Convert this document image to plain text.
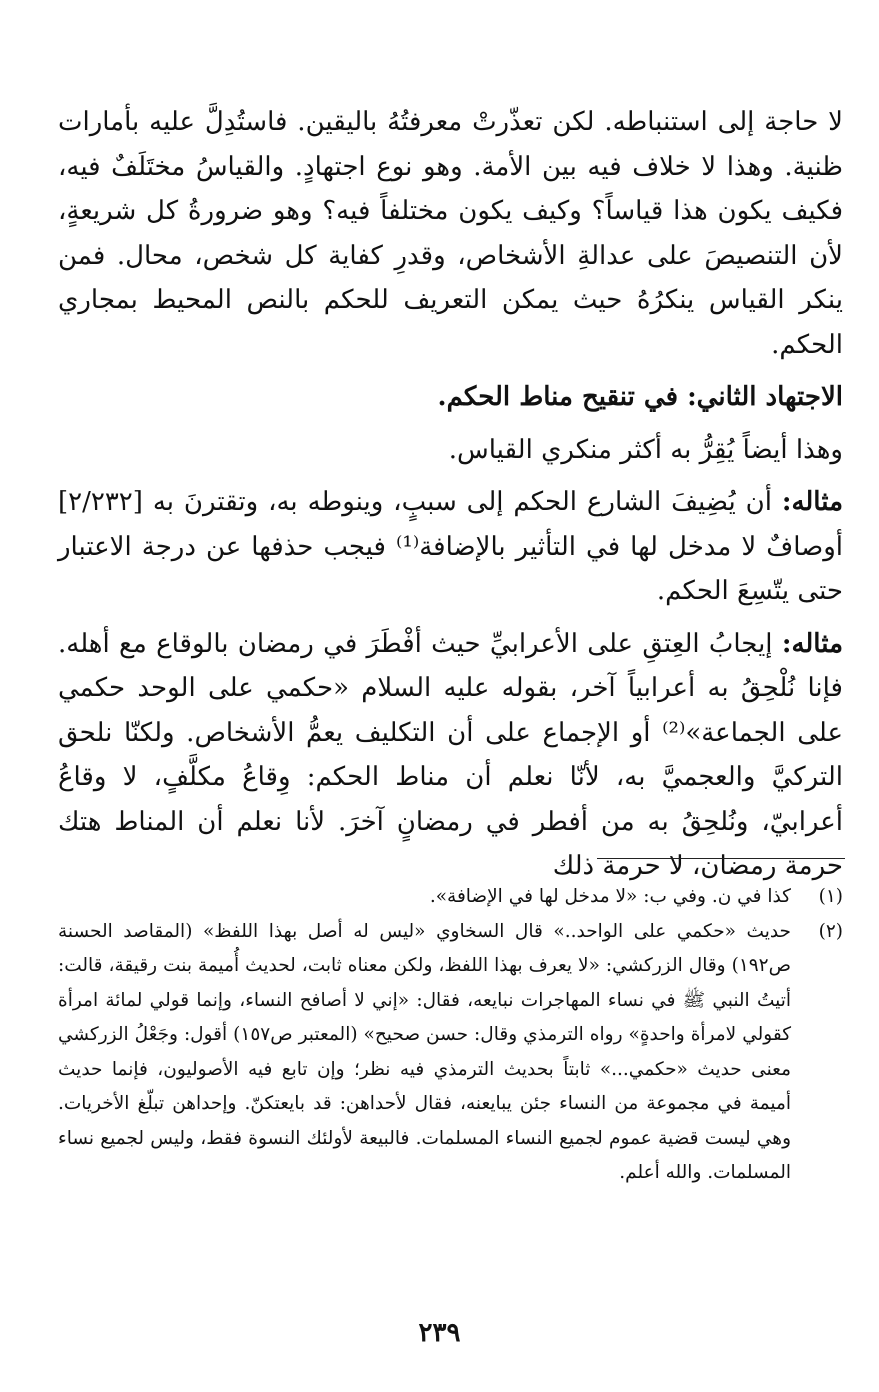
لا حاجة إلى استنباطه. لكن تعذّرتْ معرفتُهُ باليقين. فاستُدِلَّ عليه بأمارات ظنية. وهذا لا خلاف فيه بين الأمة. وهو نوع اجتهادٍ. والقياسُ مختَلَفٌ فيه، فكيف يكون هذا قياساً؟ وكيف يكون مختلفاً فيه؟ وهو ضرورةُ كل شريعةٍ، لأن التنصيصَ على عدالةِ الأشخاص، وقدرِ كفاية كل شخص، محال. فمن ينكر القياس ينكرُهُ حيث يمكن التعريف للحكم بالنص المحيط بمجاري الحكم.

الاجتهاد الثاني: في تنقيح مناط الحكم.

وهذا أيضاً يُقِرُّ به أكثر منكري القياس.

مثاله: أن يُضِيفَ الشارع الحكم إلى سببٍ، وينوطه به، وتقترنَ به [٢/٢٣٢] أوصافٌ لا مدخل لها في التأثير بالإضافة⁽¹⁾ فيجب حذفها عن درجة الاعتبار حتى يتّسِعَ الحكم.

مثاله: إيجابُ العِتقِ على الأعرابيِّ حيث أفْطَرَ في رمضان بالوقاع مع أهله. فإنا نُلْحِقُ به أعرابياً آخر، بقوله عليه السلام «حكمي على الوحد حكمي على الجماعة»⁽²⁾ أو الإجماع على أن التكليف يعمُّ الأشخاص. ولكنّا نلحق التركيَّ والعجميَّ به، لأنّا نعلم أن مناط الحكم: وِقاعُ مكلَّفٍ، لا وقاعُ أعرابيّ، ونُلحِقُ به من أفطر في رمضانٍ آخرَ. لأنا نعلم أن المناط هتك حرمة رمضان، لا حرمة ذلك

(١)
كذا في ن. وفي ب: «لا مدخل لها في الإضافة».
(٢)
حديث «حكمي على الواحد..» قال السخاوي «ليس له أصل بهذا اللفظ» (المقاصد الحسنة ص١٩٢) وقال الزركشي: «لا يعرف بهذا اللفظ، ولكن معناه ثابت، لحديث أُميمة بنت رقيقة، قالت: أتيتُ النبي ﷺ في نساء المهاجرات نبايعه، فقال: «إني لا أصافح النساء، وإنما قولي لمائة امرأة كقولي لامرأة واحدةٍ» رواه الترمذي وقال: حسن صحيح» (المعتبر ص١٥٧) أقول: وجَعْلُ الزركشي معنى حديث «حكمي...» ثابتاً بحديث الترمذي فيه نظر؛ وإن تابع فيه الأصوليون، فإنما حديث أميمة في مجموعة من النساء جئن يبايعنه، فقال لأحداهن: قد بايعتكنّ. وإحداهن تبلّغ الأخريات. وهي ليست قضية عموم لجميع النساء المسلمات. فالبيعة لأولئك النسوة فقط، وليس لجميع نساء المسلمات. والله أعلم.
٢٣٩
